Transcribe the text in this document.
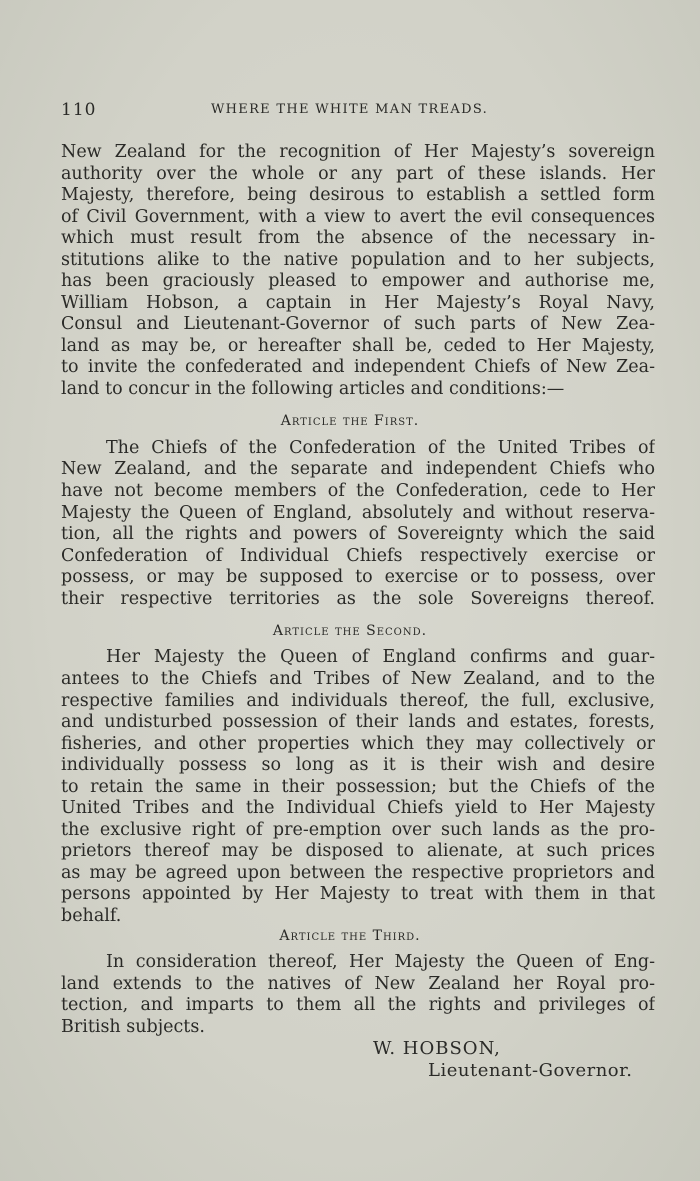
110	WHERE THE WHITE MAN TREADS.
New Zealand for the recognition of Her Majesty’s sovereign
authority over the whole or any part of these islands. Her
Majesty, therefore, being desirous to establish a settled form
of Civil Government, with a view to avert the evil consequences
which must result from the absence of the necessary in-
stitutions alike to the native population and to her subjects,
has been graciously pleased to empower and authorise me,
William Hobson, a captain in Her Majesty’s Royal Navy,
Consul and Lieutenant-Governor of such parts of New Zea-
land as may be, or hereafter shall be, ceded to Her Majesty,
to invite the confederated and independent Chiefs of New Zea-
land to concur in the following articles and conditions:—
Article the First.
The Chiefs of the Confederation of the United Tribes of
New Zealand, and the separate and independent Chiefs who
have not become members of the Confederation, cede to Her
Majesty the Queen of England, absolutely and without reserva-
tion, all the rights and powers of Sovereignty which the said
Confederation of Individual Chiefs respectively exercise or
possess, or may be supposed to exercise or to possess, over
their respective territories as the sole Sovereigns thereof.
Article the Second.
Her Majesty the Queen of England confirms and guar-
antees to the Chiefs and Tribes of New Zealand, and to the
respective families and individuals thereof, the full, exclusive,
and undisturbed possession of their lands and estates, forests,
fisheries, and other properties which they may collectively or
individually possess so long as it is their wish and desire
to retain the same in their possession; but the Chiefs of the
United Tribes and the Individual Chiefs yield to Her Majesty
the exclusive right of pre-emption over such lands as the pro-
prietors thereof may be disposed to alienate, at such prices
as may be agreed upon between the respective proprietors and
persons appointed by Her Majesty to treat with them in that
behalf.
Article the Third.
In consideration thereof, Her Majesty the Queen of Eng-
land extends to the natives of New Zealand her Royal pro-
tection, and imparts to them all the rights and privileges of
British subjects.
W. HOBSON,
Lieutenant-Governor.
